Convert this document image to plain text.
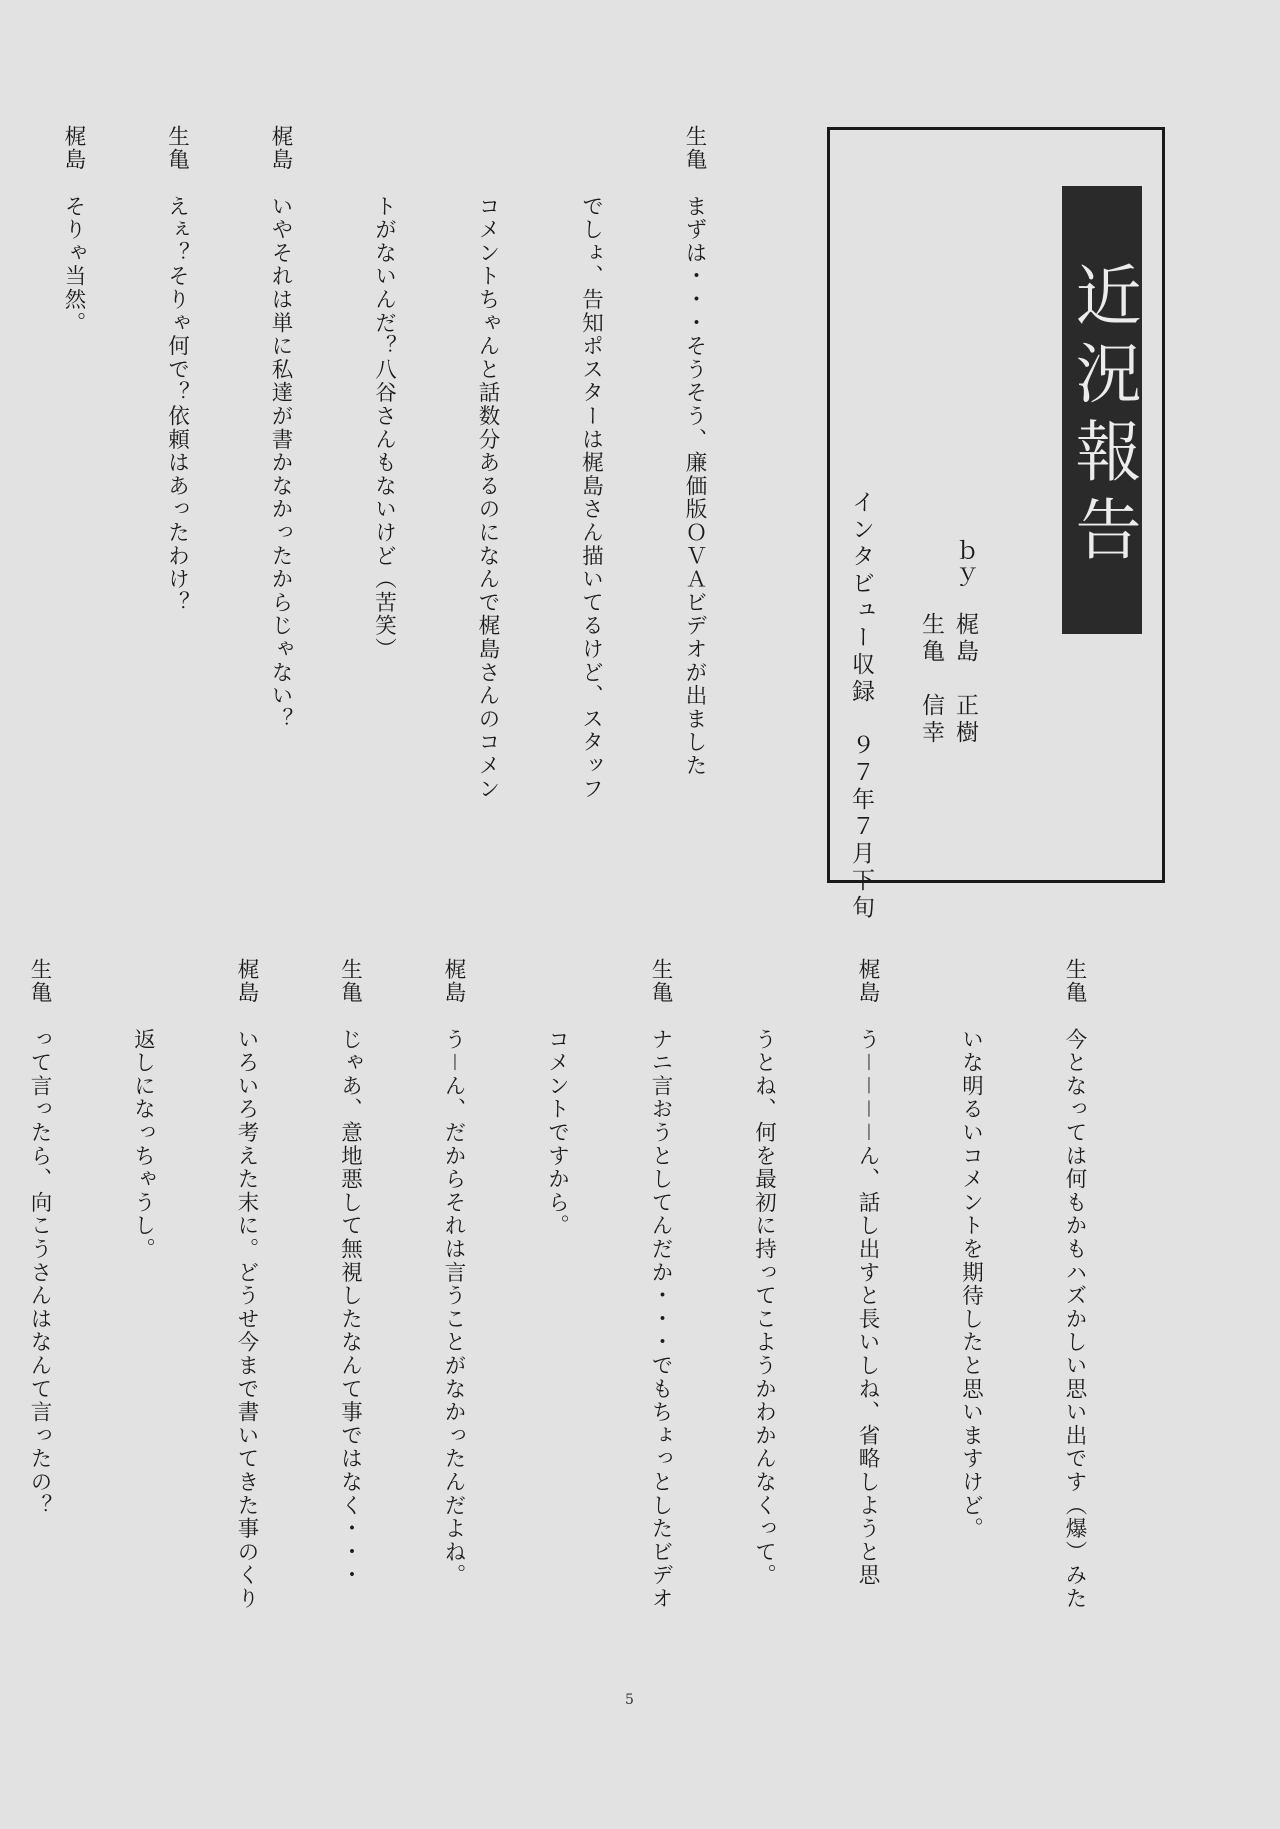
近況報告
インタビュー収録　９７年７月下旬	ｂｙ
梶島　正樹
生亀　信幸

生亀　まずは・・・そうそう、廉価版ＯＶＡビデオが出ました

　　　でしょ、告知ポスターは梶島さん描いてるけど、スタッフ

　　　コメントちゃんと話数分あるのになんで梶島さんのコメン

　　　トがないんだ？八谷さんもないけど（苦笑）

梶島　いやそれは単に私達が書かなかったからじゃない？

生亀　えぇ？そりゃ何で？依頼はあったわけ？

梶島　そりゃ当然。

生亀　今となっては何もかもハズかしい思い出です（爆）みた

　　　いな明るいコメントを期待したと思いますけど。

梶島　う－－－－ん、話し出すと長いしね、省略しようと思

　　　うとね、何を最初に持ってこようかわかんなくって。

生亀　ナニ言おうとしてんだか・・・でもちょっとしたビデオ

　　　コメントですから。

梶島　う－ん、だからそれは言うことがなかったんだよね。

生亀　じゃあ、意地悪して無視したなんて事ではなく・・・

梶島　いろいろ考えた末に。どうせ今まで書いてきた事のくり

　　　返しになっちゃうし。

生亀　って言ったら、向こうさんはなんて言ったの？

5
